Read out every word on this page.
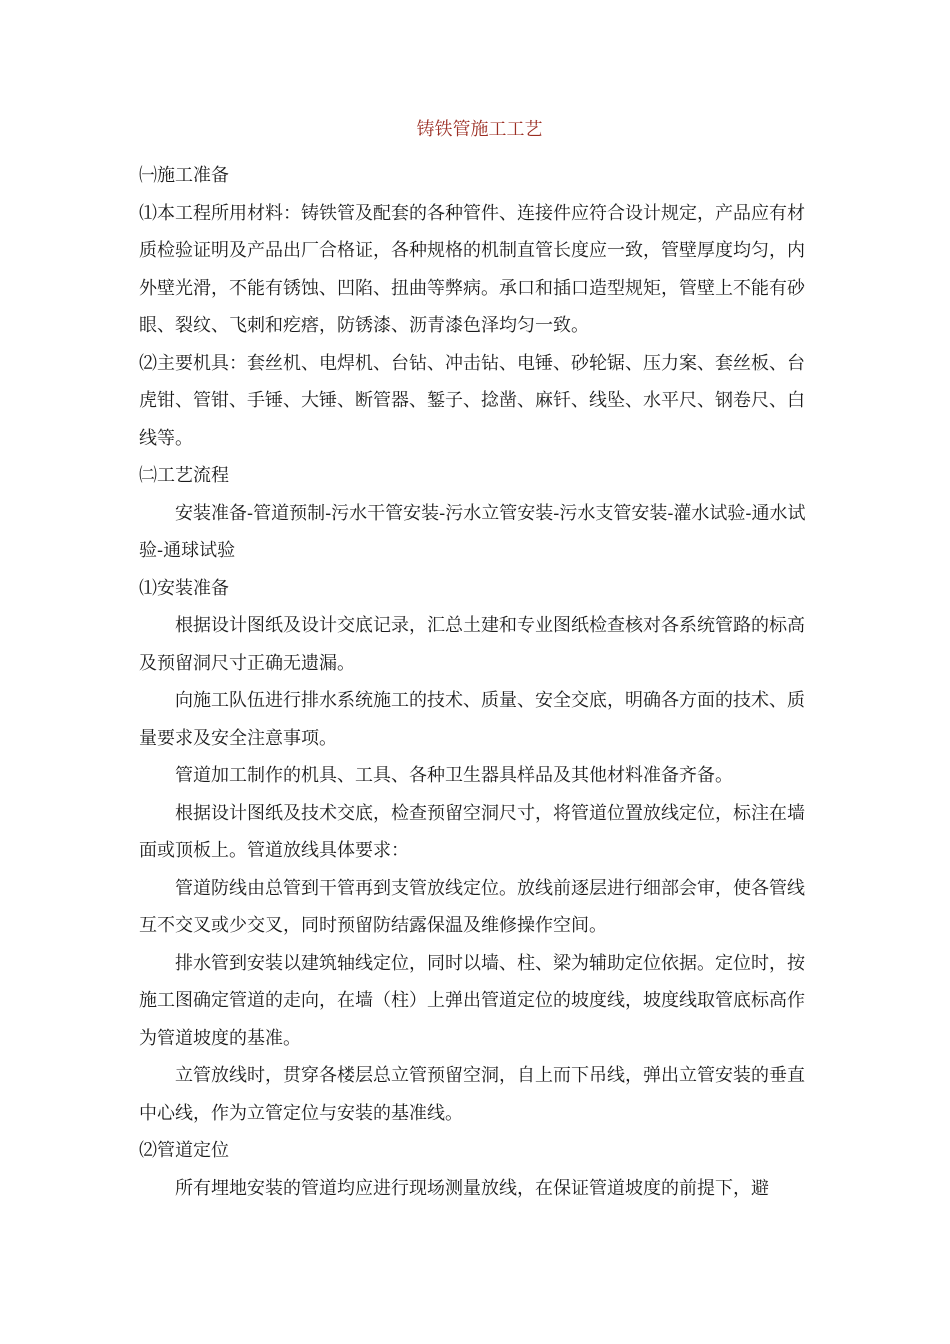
铸铁管施工工艺

㈠施工准备

⑴本工程所用材料：铸铁管及配套的各种管件、连接件应符合设计规定，产品应有材质检验证明及产品出厂合格证，各种规格的机制直管长度应一致，管壁厚度均匀，内外壁光滑，不能有锈蚀、凹陷、扭曲等弊病。承口和插口造型规矩，管壁上不能有砂眼、裂纹、飞刺和疙瘩，防锈漆、沥青漆色泽均匀一致。

⑵主要机具：套丝机、电焊机、台钻、冲击钻、电锤、砂轮锯、压力案、套丝板、台虎钳、管钳、手锤、大锤、断管器、錾子、捻凿、麻钎、线坠、水平尺、钢卷尺、白线等。

㈡工艺流程

安装准备-管道预制-污水干管安装-污水立管安装-污水支管安装-灌水试验-通水试验-通球试验

⑴安装准备

根据设计图纸及设计交底记录，汇总土建和专业图纸检查核对各系统管路的标高及预留洞尺寸正确无遗漏。

向施工队伍进行排水系统施工的技术、质量、安全交底，明确各方面的技术、质量要求及安全注意事项。

管道加工制作的机具、工具、各种卫生器具样品及其他材料准备齐备。

根据设计图纸及技术交底，检查预留空洞尺寸，将管道位置放线定位，标注在墙面或顶板上。管道放线具体要求：

管道防线由总管到干管再到支管放线定位。放线前逐层进行细部会审，使各管线互不交叉或少交叉，同时预留防结露保温及维修操作空间。

排水管到安装以建筑轴线定位，同时以墙、柱、梁为辅助定位依据。定位时，按施工图确定管道的走向，在墙（柱）上弹出管道定位的坡度线，坡度线取管底标高作为管道坡度的基准。

立管放线时，贯穿各楼层总立管预留空洞，自上而下吊线，弹出立管安装的垂直中心线，作为立管定位与安装的基准线。

⑵管道定位

所有埋地安装的管道均应进行现场测量放线，在保证管道坡度的前提下，避
